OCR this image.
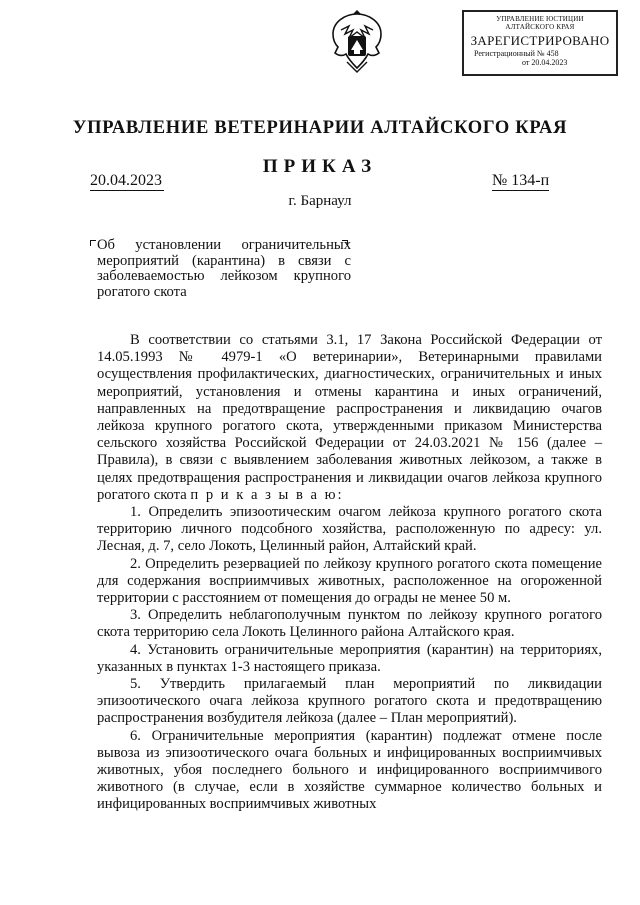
УПРАВЛЕНИЕ ЮСТИЦИИ
АЛТАЙСКОГО КРАЯ
ЗАРЕГИСТРИРОВАНО
Регистрационный № 458
от 20.04.2023
УПРАВЛЕНИЕ ВЕТЕРИНАРИИ АЛТАЙСКОГО КРАЯ
ПРИКАЗ
20.04.2023	№ 134-п
г. Барнаул
Об установлении ограничительных мероприятий (карантина) в связи с заболеваемостью лейкозом крупного рогатого скота

В соответствии со статьями 3.1, 17 Закона Российской Федерации от 14.05.1993 № 4979-1 «О ветеринарии», Ветеринарными правилами осуществления профилактических, диагностических, ограничительных и иных мероприятий, установления и отмены карантина и иных ограничений, направленных на предотвращение распространения и ликвидацию очагов лейкоза крупного рогатого скота, утвержденными приказом Министерства сельского хозяйства Российской Федерации от 24.03.2021 № 156 (далее – Правила), в связи с выявлением заболевания животных лейкозом, а также в целях предотвращения распространения и ликвидации очагов лейкоза крупного рогатого скота п р и к а з ы в а ю:

1. Определить эпизоотическим очагом лейкоза крупного рогатого скота территорию личного подсобного хозяйства, расположенную по адресу: ул. Лесная, д. 7, село Локоть, Целинный район, Алтайский край.

2. Определить резервацией по лейкозу крупного рогатого скота помещение для содержания восприимчивых животных, расположенное на огороженной территории с расстоянием от помещения до ограды не менее 50 м.

3. Определить неблагополучным пунктом по лейкозу крупного рогатого скота территорию села Локоть Целинного района Алтайского края.

4. Установить ограничительные мероприятия (карантин) на территориях, указанных в пунктах 1-3 настоящего приказа.

5. Утвердить прилагаемый план мероприятий по ликвидации эпизоотического очага лейкоза крупного рогатого скота и предотвращению распространения возбудителя лейкоза (далее – План мероприятий).

6. Ограничительные мероприятия (карантин) подлежат отмене после вывоза из эпизоотического очага больных и инфицированных восприимчивых животных, убоя последнего больного и инфицированного восприимчивого животного (в случае, если в хозяйстве суммарное количество больных и инфицированных восприимчивых животных
